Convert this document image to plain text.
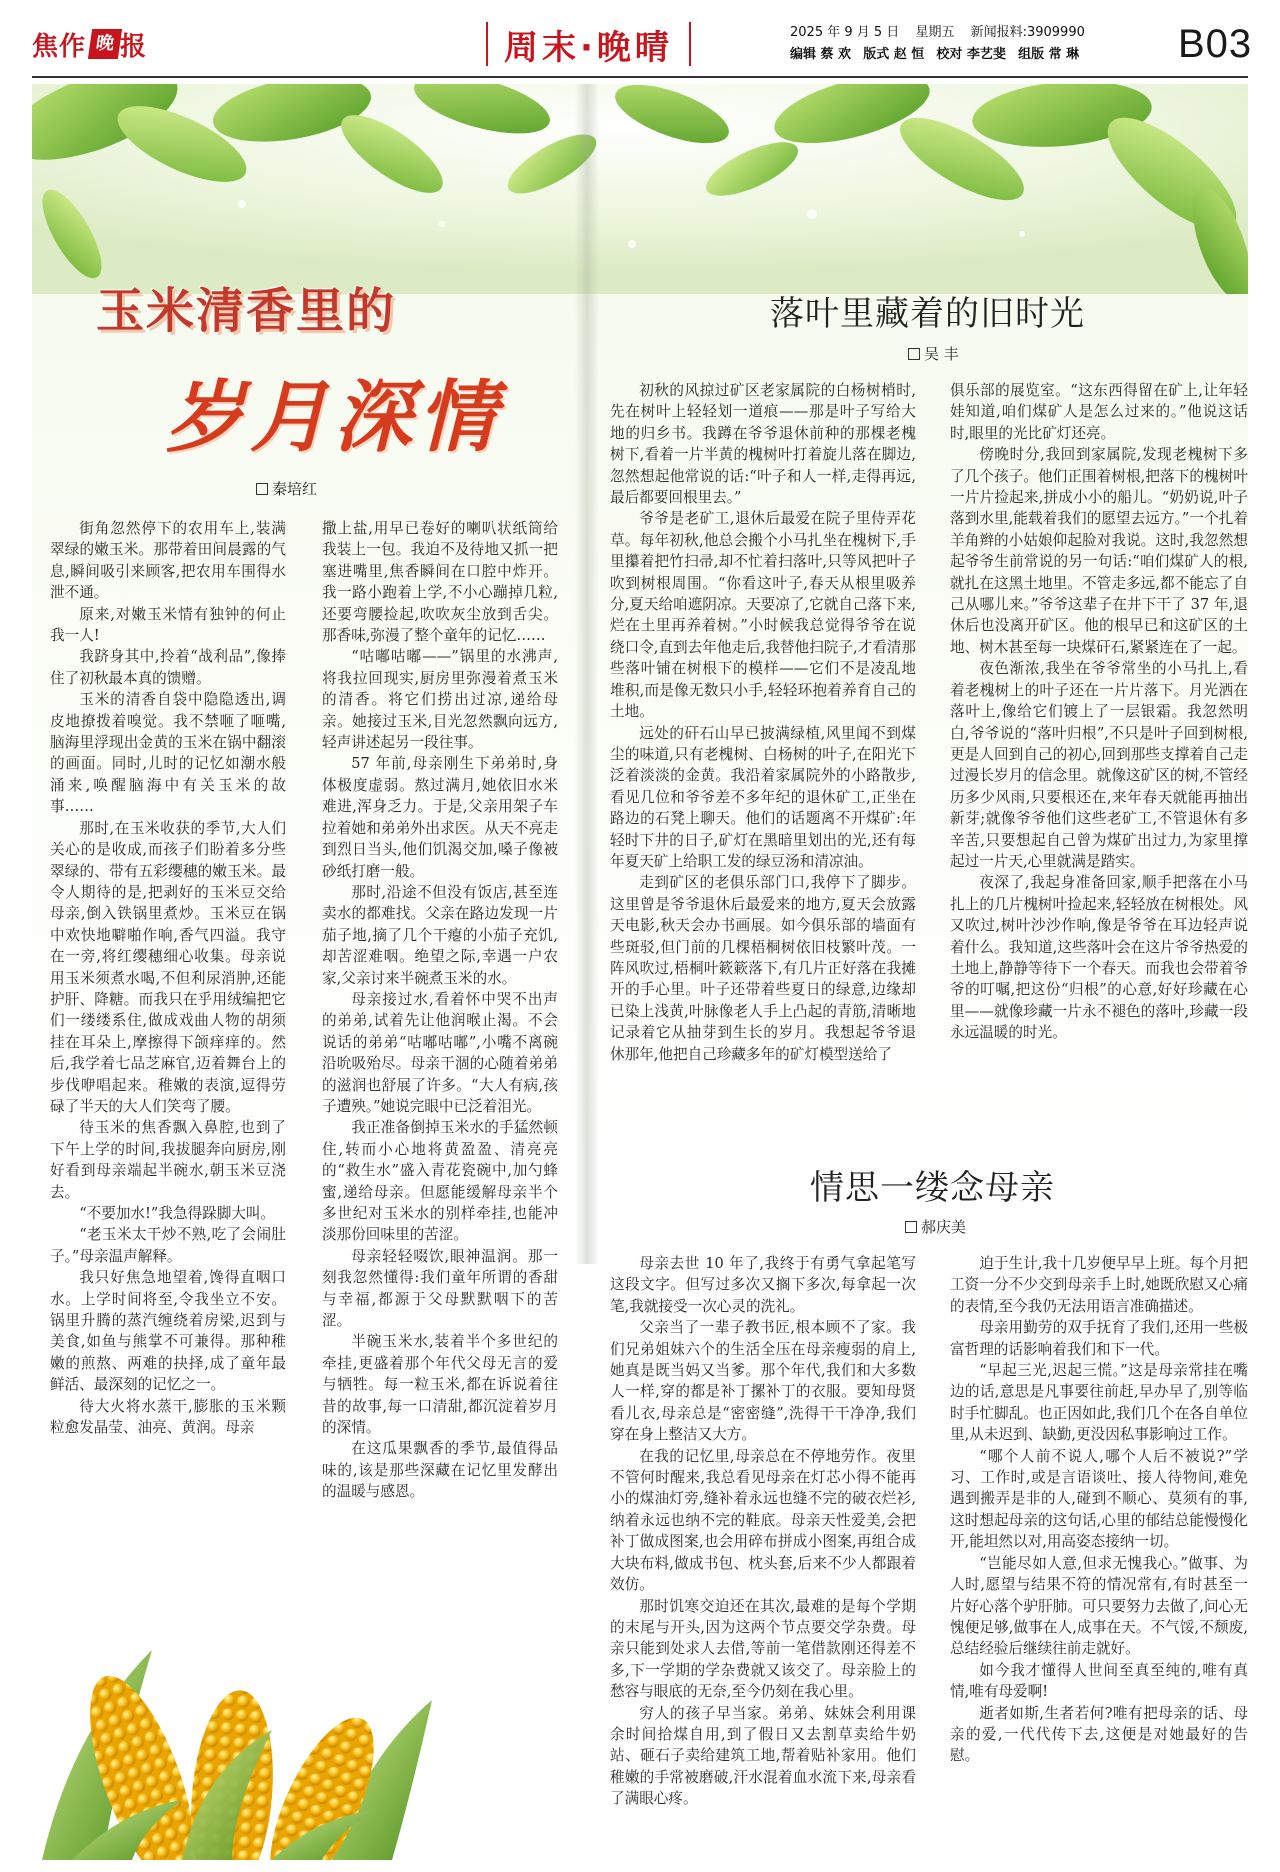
焦作 晚 报	周末·晚晴	2025 年 9 月 5 日 星期五 新闻报料:3909990
编辑 蔡 欢 版式 赵 恒 校对 李艺斐 组版 常 琳	B03
玉米清香里的
岁月深情
秦培红

街角忽然停下的农用车上,装满翠绿的嫩玉米。那带着田间晨露的气息,瞬间吸引来顾客,把农用车围得水泄不通。

原来,对嫩玉米情有独钟的何止我一人!

我跻身其中,拎着“战利品”,像捧住了初秋最本真的馈赠。

玉米的清香自袋中隐隐透出,调皮地撩拨着嗅觉。我不禁咂了咂嘴,脑海里浮现出金黄的玉米在锅中翻滚的画面。同时,儿时的记忆如潮水般涌来,唤醒脑海中有关玉米的故事……

那时,在玉米收获的季节,大人们关心的是收成,而孩子们盼着多分些翠绿的、带有五彩缨穗的嫩玉米。最令人期待的是,把剥好的玉米豆交给母亲,倒入铁锅里煮炒。玉米豆在锅中欢快地噼啪作响,香气四溢。我守在一旁,将红缨穗细心收集。母亲说用玉米须煮水喝,不但利尿消肿,还能护肝、降糖。而我只在乎用绒编把它们一缕缕系住,做成戏曲人物的胡须挂在耳朵上,摩擦得下颌痒痒的。然后,我学着七品芝麻官,迈着舞台上的步伐咿唱起来。稚嫩的表演,逗得劳碌了半天的大人们笑弯了腰。

待玉米的焦香飘入鼻腔,也到了下午上学的时间,我拔腿奔向厨房,刚好看到母亲端起半碗水,朝玉米豆浇去。

“不要加水!”我急得跺脚大叫。

“老玉米太干炒不熟,吃了会闹肚子。”母亲温声解释。

我只好焦急地望着,馋得直咽口水。上学时间将至,令我坐立不安。锅里升腾的蒸汽缠绕着房梁,迟到与美食,如鱼与熊掌不可兼得。那种稚嫩的煎熬、两难的抉择,成了童年最鲜活、最深刻的记忆之一。

待大火将水蒸干,膨胀的玉米颗粒愈发晶莹、油亮、黄润。母亲

撒上盐,用早已卷好的喇叭状纸筒给我装上一包。我迫不及待地又抓一把塞进嘴里,焦香瞬间在口腔中炸开。我一路小跑着上学,不小心蹦掉几粒,还要弯腰捡起,吹吹灰尘放到舌尖。那香味,弥漫了整个童年的记忆……

“咕嘟咕嘟——”锅里的水沸声,将我拉回现实,厨房里弥漫着煮玉米的清香。将它们捞出过凉,递给母亲。她接过玉米,目光忽然飘向远方,轻声讲述起另一段往事。

57 年前,母亲刚生下弟弟时,身体极度虚弱。熬过满月,她依旧水米难进,浑身乏力。于是,父亲用架子车拉着她和弟弟外出求医。从天不亮走到烈日当头,他们饥渴交加,嗓子像被砂纸打磨一般。

那时,沿途不但没有饭店,甚至连卖水的都难找。父亲在路边发现一片茄子地,摘了几个干瘪的小茄子充饥,却苦涩难咽。绝望之际,幸遇一户农家,父亲讨来半碗煮玉米的水。

母亲接过水,看着怀中哭不出声的弟弟,试着先让他润喉止渴。不会说话的弟弟“咕嘟咕嘟”,小嘴不离碗沿吮吸殆尽。母亲干涸的心随着弟弟的滋润也舒展了许多。“大人有病,孩子遭殃。”她说完眼中已泛着泪光。

我正准备倒掉玉米水的手猛然顿住,转而小心地将黄盈盈、清亮亮的“救生水”盛入青花瓷碗中,加勺蜂蜜,递给母亲。但愿能缓解母亲半个多世纪对玉米水的别样牵挂,也能冲淡那份回味里的苦涩。

母亲轻轻啜饮,眼神温润。那一刻我忽然懂得:我们童年所谓的香甜与幸福,都源于父母默默咽下的苦涩。

半碗玉米水,装着半个多世纪的牵挂,更盛着那个年代父母无言的爱与牺牲。每一粒玉米,都在诉说着往昔的故事,每一口清甜,都沉淀着岁月的深情。

在这瓜果飘香的季节,最值得品味的,该是那些深藏在记忆里发酵出的温暖与感恩。

落叶里藏着的旧时光
吴 丰

初秋的风掠过矿区老家属院的白杨树梢时,先在树叶上轻轻划一道痕——那是叶子写给大地的归乡书。我蹲在爷爷退休前种的那棵老槐树下,看着一片半黄的槐树叶打着旋儿落在脚边,忽然想起他常说的话:“叶子和人一样,走得再远,最后都要回根里去。”

爷爷是老矿工,退休后最爱在院子里侍弄花草。每年初秋,他总会搬个小马扎坐在槐树下,手里攥着把竹扫帚,却不忙着扫落叶,只等风把叶子吹到树根周围。“你看这叶子,春天从根里吸养分,夏天给咱遮阴凉。天要凉了,它就自己落下来,烂在土里再养着树。”小时候我总觉得爷爷在说绕口令,直到去年他走后,我替他扫院子,才看清那些落叶铺在树根下的模样——它们不是凌乱地堆积,而是像无数只小手,轻轻环抱着养育自己的土地。

远处的矸石山早已披满绿植,风里闻不到煤尘的味道,只有老槐树、白杨树的叶子,在阳光下泛着淡淡的金黄。我沿着家属院外的小路散步,看见几位和爷爷差不多年纪的退休矿工,正坐在路边的石凳上聊天。他们的话题离不开煤矿:年轻时下井的日子,矿灯在黑暗里划出的光,还有每年夏天矿上给职工发的绿豆汤和清凉油。

走到矿区的老俱乐部门口,我停下了脚步。这里曾是爷爷退休后最爱来的地方,夏天会放露天电影,秋天会办书画展。如今俱乐部的墙面有些斑驳,但门前的几棵梧桐树依旧枝繁叶茂。一阵风吹过,梧桐叶簌簌落下,有几片正好落在我摊开的手心里。叶子还带着些夏日的绿意,边缘却已染上浅黄,叶脉像老人手上凸起的青筋,清晰地记录着它从抽芽到生长的岁月。我想起爷爷退休那年,他把自己珍藏多年的矿灯模型送给了

俱乐部的展览室。“这东西得留在矿上,让年轻娃知道,咱们煤矿人是怎么过来的。”他说这话时,眼里的光比矿灯还亮。

傍晚时分,我回到家属院,发现老槐树下多了几个孩子。他们正围着树根,把落下的槐树叶一片片捡起来,拼成小小的船儿。“奶奶说,叶子落到水里,能载着我们的愿望去远方。”一个扎着羊角辫的小姑娘仰起脸对我说。这时,我忽然想起爷爷生前常说的另一句话:“咱们煤矿人的根,就扎在这黑土地里。不管走多远,都不能忘了自己从哪儿来。”爷爷这辈子在井下干了 37 年,退休后也没离开矿区。他的根早已和这矿区的土地、树木甚至每一块煤矸石,紧紧连在了一起。

夜色渐浓,我坐在爷爷常坐的小马扎上,看着老槐树上的叶子还在一片片落下。月光洒在落叶上,像给它们镀上了一层银霜。我忽然明白,爷爷说的“落叶归根”,不只是叶子回到树根,更是人回到自己的初心,回到那些支撑着自己走过漫长岁月的信念里。就像这矿区的树,不管经历多少风雨,只要根还在,来年春天就能再抽出新芽;就像爷爷他们这些老矿工,不管退休有多辛苦,只要想起自己曾为煤矿出过力,为家里撑起过一片天,心里就满是踏实。

夜深了,我起身准备回家,顺手把落在小马扎上的几片槐树叶捡起来,轻轻放在树根处。风又吹过,树叶沙沙作响,像是爷爷在耳边轻声说着什么。我知道,这些落叶会在这片爷爷热爱的土地上,静静等待下一个春天。而我也会带着爷爷的叮嘱,把这份“归根”的心意,好好珍藏在心里——就像珍藏一片永不褪色的落叶,珍藏一段永远温暖的时光。

情思一缕念母亲
郝庆美

母亲去世 10 年了,我终于有勇气拿起笔写这段文字。但写过多次又搁下多次,每拿起一次笔,我就接受一次心灵的洗礼。

父亲当了一辈子教书匠,根本顾不了家。我们兄弟姐妹六个的生活全压在母亲瘦弱的肩上,她真是既当妈又当爹。那个年代,我们和大多数人一样,穿的都是补丁摞补丁的衣服。要知母贤看儿衣,母亲总是“密密缝”,洗得干干净净,我们穿在身上整洁又大方。

在我的记忆里,母亲总在不停地劳作。夜里不管何时醒来,我总看见母亲在灯芯小得不能再小的煤油灯旁,缝补着永远也缝不完的破衣烂衫,纳着永远也纳不完的鞋底。母亲天性爱美,会把补丁做成图案,也会用碎布拼成小图案,再组合成大块布料,做成书包、枕头套,后来不少人都跟着效仿。

那时饥寒交迫还在其次,最难的是每个学期的末尾与开头,因为这两个节点要交学杂费。母亲只能到处求人去借,等前一笔借款刚还得差不多,下一学期的学杂费就又该交了。母亲脸上的愁容与眼底的无奈,至今仍刻在我心里。

穷人的孩子早当家。弟弟、妹妹会利用课余时间拾煤自用,到了假日又去割草卖给牛奶站、砸石子卖给建筑工地,帮着贴补家用。他们稚嫩的手常被磨破,汗水混着血水流下来,母亲看了满眼心疼。

迫于生计,我十几岁便早早上班。每个月把工资一分不少交到母亲手上时,她既欣慰又心痛的表情,至今我仍无法用语言准确描述。

母亲用勤劳的双手抚育了我们,还用一些极富哲理的话影响着我们和下一代。

“早起三光,迟起三慌。”这是母亲常挂在嘴边的话,意思是凡事要往前赶,早办早了,别等临时手忙脚乱。也正因如此,我们几个在各自单位里,从未迟到、缺勤,更没因私事影响过工作。

“哪个人前不说人,哪个人后不被说?”学习、工作时,或是言语谈吐、接人待物间,难免遇到搬弄是非的人,碰到不顺心、莫须有的事,这时想起母亲的这句话,心里的郁结总能慢慢化开,能坦然以对,用高姿态接纳一切。

“岂能尽如人意,但求无愧我心。”做事、为人时,愿望与结果不符的情况常有,有时甚至一片好心落个驴肝肺。可只要努力去做了,问心无愧便足够,做事在人,成事在天。不气馁,不颓废,总结经验后继续往前走就好。

如今我才懂得人世间至真至纯的,唯有真情,唯有母爱啊!

逝者如斯,生者若何?唯有把母亲的话、母亲的爱,一代代传下去,这便是对她最好的告慰。
